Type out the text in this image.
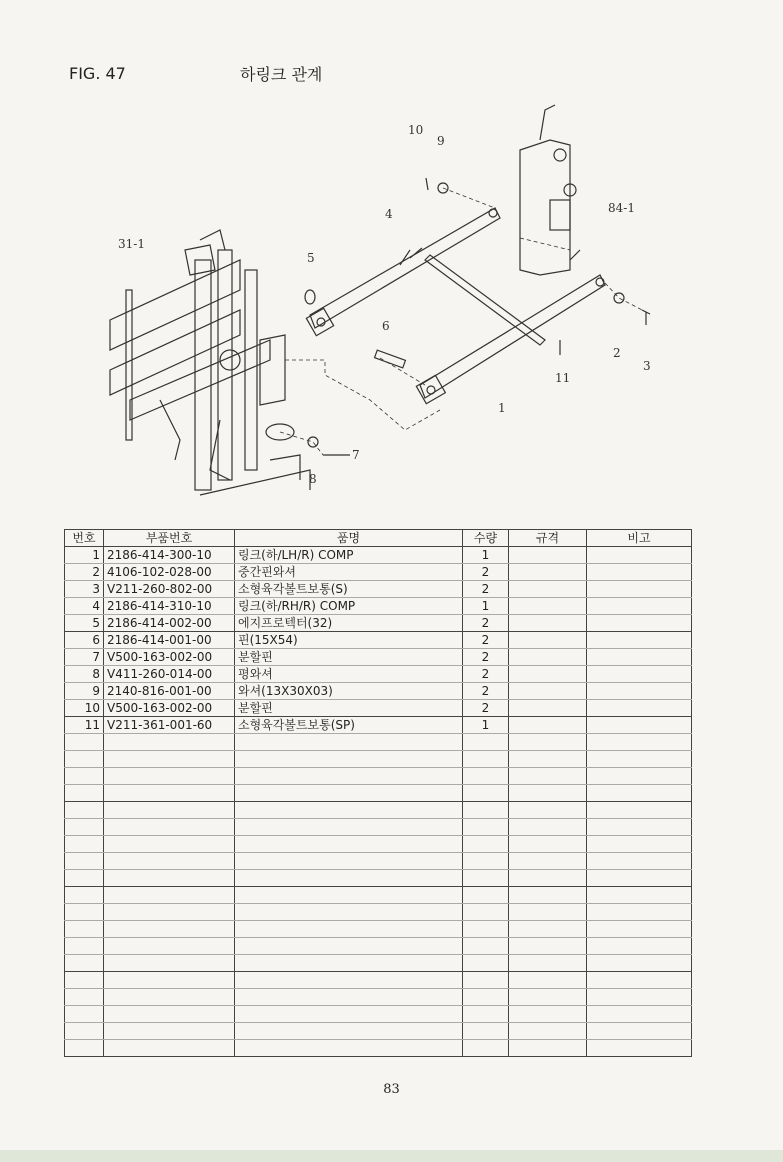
FIG. 47	하링크 관계
10
9
84-1
4
31-1
5
6
2
3
11
1
7
8
번호	부품번호	품명	수량	규격	비고
1	2186-414-300-10	링크(하/LH/R) COMP	1		
2	4106-102-028-00	중간핀와셔	2		
3	V211-260-802-00	소형육각볼트보통(S)	2		
4	2186-414-310-10	링크(하/RH/R) COMP	1		
5	2186-414-002-00	에지프로텍터(32)	2		
6	2186-414-001-00	핀(15X54)	2		
7	V500-163-002-00	분할핀	2		
8	V411-260-014-00	평와셔	2		
9	2140-816-001-00	와셔(13X30X03)	2		
10	V500-163-002-00	분할핀	2		
11	V211-361-001-60	소형육각볼트보통(SP)	1		

83
